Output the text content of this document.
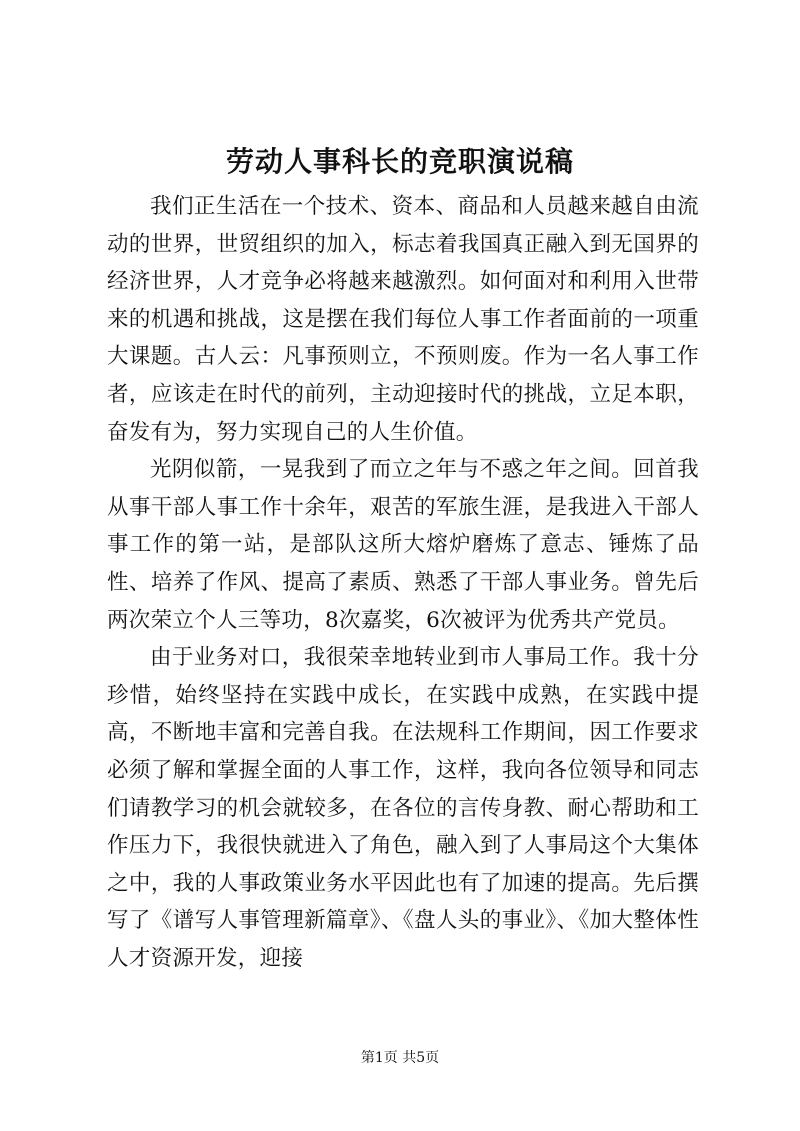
劳动人事科长的竞职演说稿

我们正生活在一个技术、资本、商品和人员越来越自由流动的世界，世贸组织的加入，标志着我国真正融入到无国界的经济世界，人才竞争必将越来越激烈。如何面对和利用入世带来的机遇和挑战，这是摆在我们每位人事工作者面前的一项重大课题。古人云：凡事预则立，不预则废。作为一名人事工作者，应该走在时代的前列，主动迎接时代的挑战，立足本职，奋发有为，努力实现自己的人生价值。

光阴似箭，一晃我到了而立之年与不惑之年之间。回首我从事干部人事工作十余年，艰苦的军旅生涯，是我进入干部人事工作的第一站，是部队这所大熔炉磨炼了意志、锤炼了品性、培养了作风、提高了素质、熟悉了干部人事业务。曾先后两次荣立个人三等功，8次嘉奖，6次被评为优秀共产党员。

由于业务对口，我很荣幸地转业到市人事局工作。我十分珍惜，始终坚持在实践中成长，在实践中成熟，在实践中提高，不断地丰富和完善自我。在法规科工作期间，因工作要求必须了解和掌握全面的人事工作，这样，我向各位领导和同志们请教学习的机会就较多，在各位的言传身教、耐心帮助和工作压力下，我很快就进入了角色，融入到了人事局这个大集体之中，我的人事政策业务水平因此也有了加速的提高。先后撰写了《谱写人事管理新篇章》、《盘人头的事业》、《加大整体性人才资源开发，迎接

第1页 共5页
